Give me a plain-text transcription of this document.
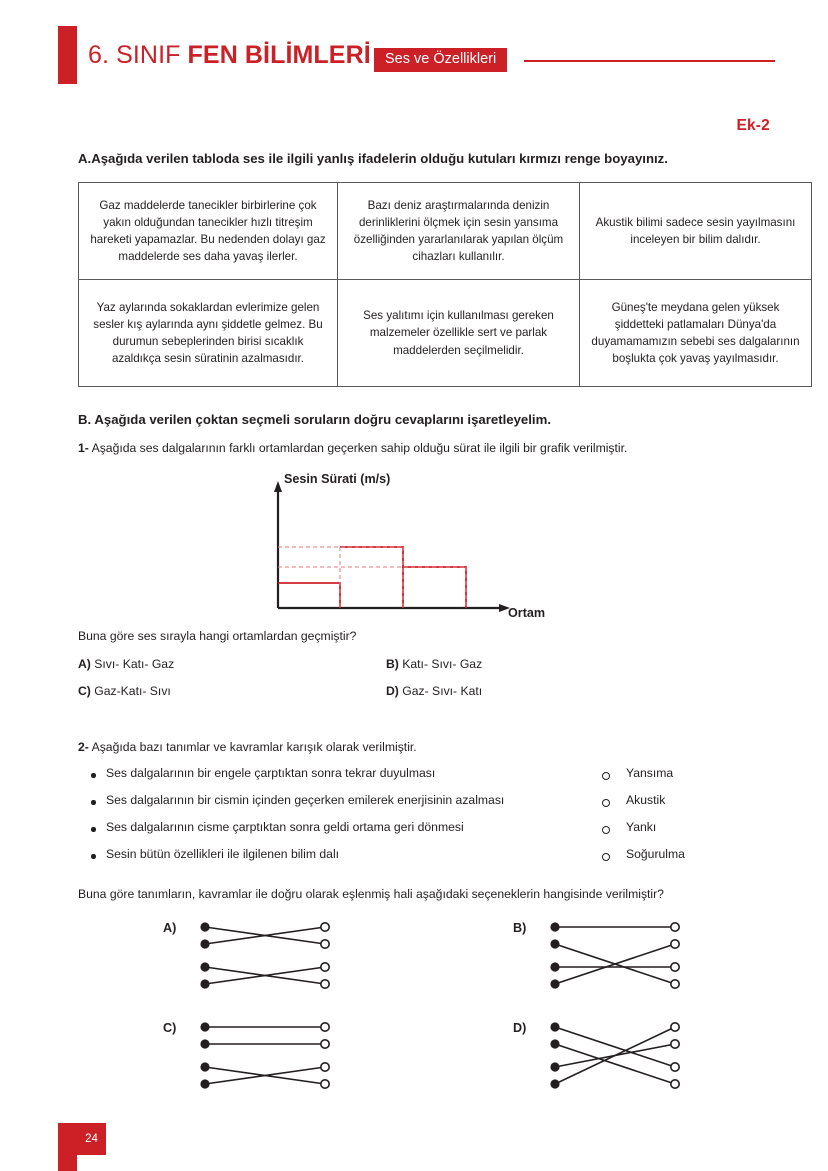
6. SINIF FEN BİLİMLERİ Ses ve Özellikleri
Ek-2
A.Aşağıda verilen tabloda ses ile ilgili yanlış ifadelerin olduğu kutuları kırmızı renge boyayınız.
Gaz maddelerde tanecikler birbirlerine çok yakın olduğundan tanecikler hızlı titreşim hareketi yapamazlar. Bu nedenden dolayı gaz maddelerde ses daha yavaş ilerler.	Bazı deniz araştırmalarında denizin derinliklerini ölçmek için sesin yansıma özelliğinden yararlanılarak yapılan ölçüm cihazları kullanılır.	Akustik bilimi sadece sesin yayılmasını inceleyen bir bilim dalıdır.
Yaz aylarında sokaklardan evlerimize gelen sesler kış aylarında aynı şiddetle gelmez. Bu durumun sebeplerinden birisi sıcaklık azaldıkça sesin süratinin azalmasıdır.	Ses yalıtımı için kullanılması gereken malzemeler özellikle sert ve parlak maddelerden seçilmelidir.	Güneş'te meydana gelen yüksek şiddetteki patlamaları Dünya'da duyamamamızın sebebi ses dalgalarının boşlukta çok yavaş yayılmasıdır.
B. Aşağıda verilen çoktan seçmeli soruların doğru cevaplarını işaretleyelim.
1- Aşağıda ses dalgalarının farklı ortamlardan geçerken sahip olduğu sürat ile ilgili bir grafik verilmiştir.
Sesin Sürati (m/s)
Ortam
Buna göre ses sırayla hangi ortamlardan geçmiştir?
A) Sıvı- Katı- Gaz	B) Katı- Sıvı- Gaz
C) Gaz-Katı- Sıvı	D) Gaz- Sıvı- Katı
2- Aşağıda bazı tanımlar ve kavramlar karışık olarak verilmiştir.
Ses dalgalarının bir engele çarptıktan sonra tekrar duyulması	Yansıma
Ses dalgalarının bir cismin içinden geçerken emilerek enerjisinin azalması	Akustik
Ses dalgalarının cisme çarptıktan sonra geldi ortama geri dönmesi	Yankı
Sesin bütün özellikleri ile ilgilenen bilim dalı	Soğurulma
Buna göre tanımların, kavramlar ile doğru olarak eşlenmiş hali aşağıdaki seçeneklerin hangisinde verilmiştir?
A)	B)
C)	D)
24
